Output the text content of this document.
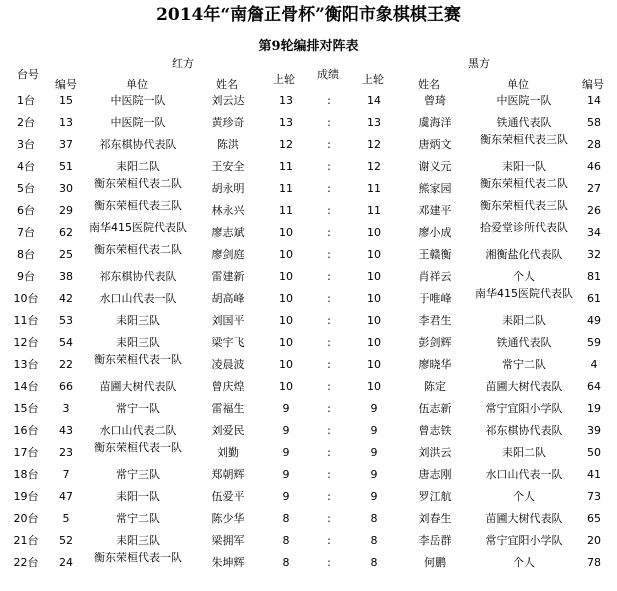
2014年“南詹正骨杯”衡阳市象棋棋王赛
第9轮编排对阵表
台号
红方	黑方
成绩
编号	单位	姓名	上轮	上轮	姓名	单位	编号
1台	15	中医院一队	刘云达	13	:	14	曾琦	中医院一队	14
2台	13	中医院一队	黄珍奇	13	:	13	虞海洋	铁通代表队	58
3台	37	祁东棋协代表队	陈洪	12	:	12	唐炳文	衡东荣桓代表三队	28
4台	51	耒阳二队	王安全	11	:	12	谢义元	耒阳一队	46
5台	30	衡东荣桓代表二队	胡永明	11	:	11	熊家园	衡东荣桓代表二队	27
6台	29	衡东荣桓代表三队	林永兴	11	:	11	邓建平	衡东荣桓代表三队	26
7台	62	南华415医院代表队	廖志斌	10	:	10	廖小成	拾爱堂诊所代表队	34
8台	25	衡东荣桓代表二队	廖剑庭	10	:	10	王赣衡	湘衡盐化代表队	32
9台	38	祁东棋协代表队	雷建新	10	:	10	肖祥云	个人	81
10台	42	水口山代表一队	胡高峰	10	:	10	于唯峰	南华415医院代表队	61
11台	53	耒阳三队	刘国平	10	:	10	李君生	耒阳二队	49
12台	54	耒阳三队	梁宇飞	10	:	10	彭剑辉	铁通代表队	59
13台	22	衡东荣桓代表一队	凌晨波	10	:	10	廖晓华	常宁二队	4
14台	66	苗圃大树代表队	曾庆煌	10	:	10	陈定	苗圃大树代表队	64
15台	3	常宁一队	雷福生	9	:	9	伍志新	常宁宜阳小学队	19
16台	43	水口山代表二队	刘爱民	9	:	9	曾志铁	祁东棋协代表队	39
17台	23	衡东荣桓代表一队	刘勤	9	:	9	刘洪云	耒阳二队	50
18台	7	常宁三队	郑朝辉	9	:	9	唐志刚	水口山代表一队	41
19台	47	耒阳一队	伍爱平	9	:	9	罗江航	个人	73
20台	5	常宁二队	陈少华	8	:	8	刘春生	苗圃大树代表队	65
21台	52	耒阳三队	梁拥军	8	:	8	李岳群	常宁宜阳小学队	20
22台	24	衡东荣桓代表一队	朱坤辉	8	:	8	何鹏	个人	78
